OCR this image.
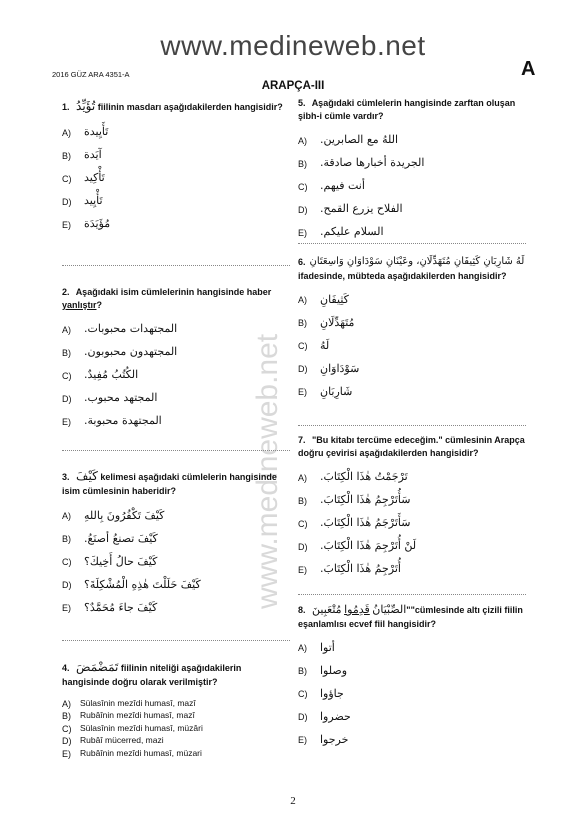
www.medineweb.net
www.medineweb.net
A
2016 GÜZ ARA 4351-A
ARAPÇA-III
1. تُؤَيِّدُ fiilinin masdarı aşağıdakilerden hangisidir?
A)	تَأَيِيدة
B)	آيَدة
C)	تَأْكِيد
D)	تَأْيِيد
E)	مُؤَيَدَة
2. Aşağıdaki isim cümlelerinin hangisinde haber yanlıştır?
A)	المجتهدات محبوبات.
B)	المجتهدون محبوبون.
C)	الكُتُبُ مُفِيدٌ.
D)	المجتهد محبوب.
E)	المجتهدة محبوبة.
3. كَيْفَ kelimesi aşağıdaki cümlelerin hangisinde isim cümlesinin haberidir?
A)	كَيْفَ تَكْفُرُونَ بِاللهِ
B)	كَيْفَ تصنعُ أصنَعُ.
C)	كَيْفَ حالُ أَخِيكَ؟
D)	كَيْفَ حَلَلْتَ هٰذِهِ الْمُشْكِلَةَ؟
E)	كَيْفَ جاءَ مُحَمَّدٌ؟
4. تَمَضْمَضَ fiilinin niteliği aşağıdakilerin hangisinde doğru olarak verilmiştir?
A)	Sülasînin mezîdi humasî, mazî
B)	Rubâînin mezîdi humasî, mazî
C)	Sülasînin mezîdi humasî, müzâri
D)	Rubâî mücerred, mazi
E)	Rubâînin mezîdi humasî, müzari
5. Aşağıdaki cümlelerin hangisinde zarftan oluşan şibh-i cümle vardır?
A)	اللهُ مع الصابرين.
B)	الجريدة أخبارها صادقة.
C)	أنت فيهم.
D)	الفلاح يزرع القمح.
E)	السلام عليكم.
6. لَهُ شَارِبَانِ كَثِيفَانِ مُتَهَدِّلَانِ، وعَيْنَانِ سَوْدَاوَانِ وَاسِعَتَانِ
ifadesinde, mübteda aşağıdakilerden hangisidir?
A)	كَثِيفَانِ
B)	مُتَهَدِّلَانِ
C)	لَهُ
D)	سَوْدَاوَانِ
E)	شَارِبَانِ
7. "Bu kitabı tercüme edeceğim." cümlesinin Arapça doğru çevirisi aşağıdakilerden hangisidir?
A)	تَرْجَمْتُ هٰذَا الْكِتَابَ.
B)	سَأُتَرْجِمُ هٰذَا الْكِتَابَ.
C)	سَأَتَرْجَمُ هٰذَا الْكِتَابَ.
D)	لَنْ أُتَرْجِمَ هٰذَا الْكِتَابَ.
E)	أُتَرْجِمُ هٰذَا الْكِتَابَ.
8.	"الصِّبْيَانُ قَدِمُوا مُتْعَبِينَ	"cümlesinde altı çizili fiilin eşanlamlısı ecvef fiil hangisidir?
A)	أتوا
B)	وصلوا
C)	جاؤوا
D)	حضروا
E)	خرجوا
2
